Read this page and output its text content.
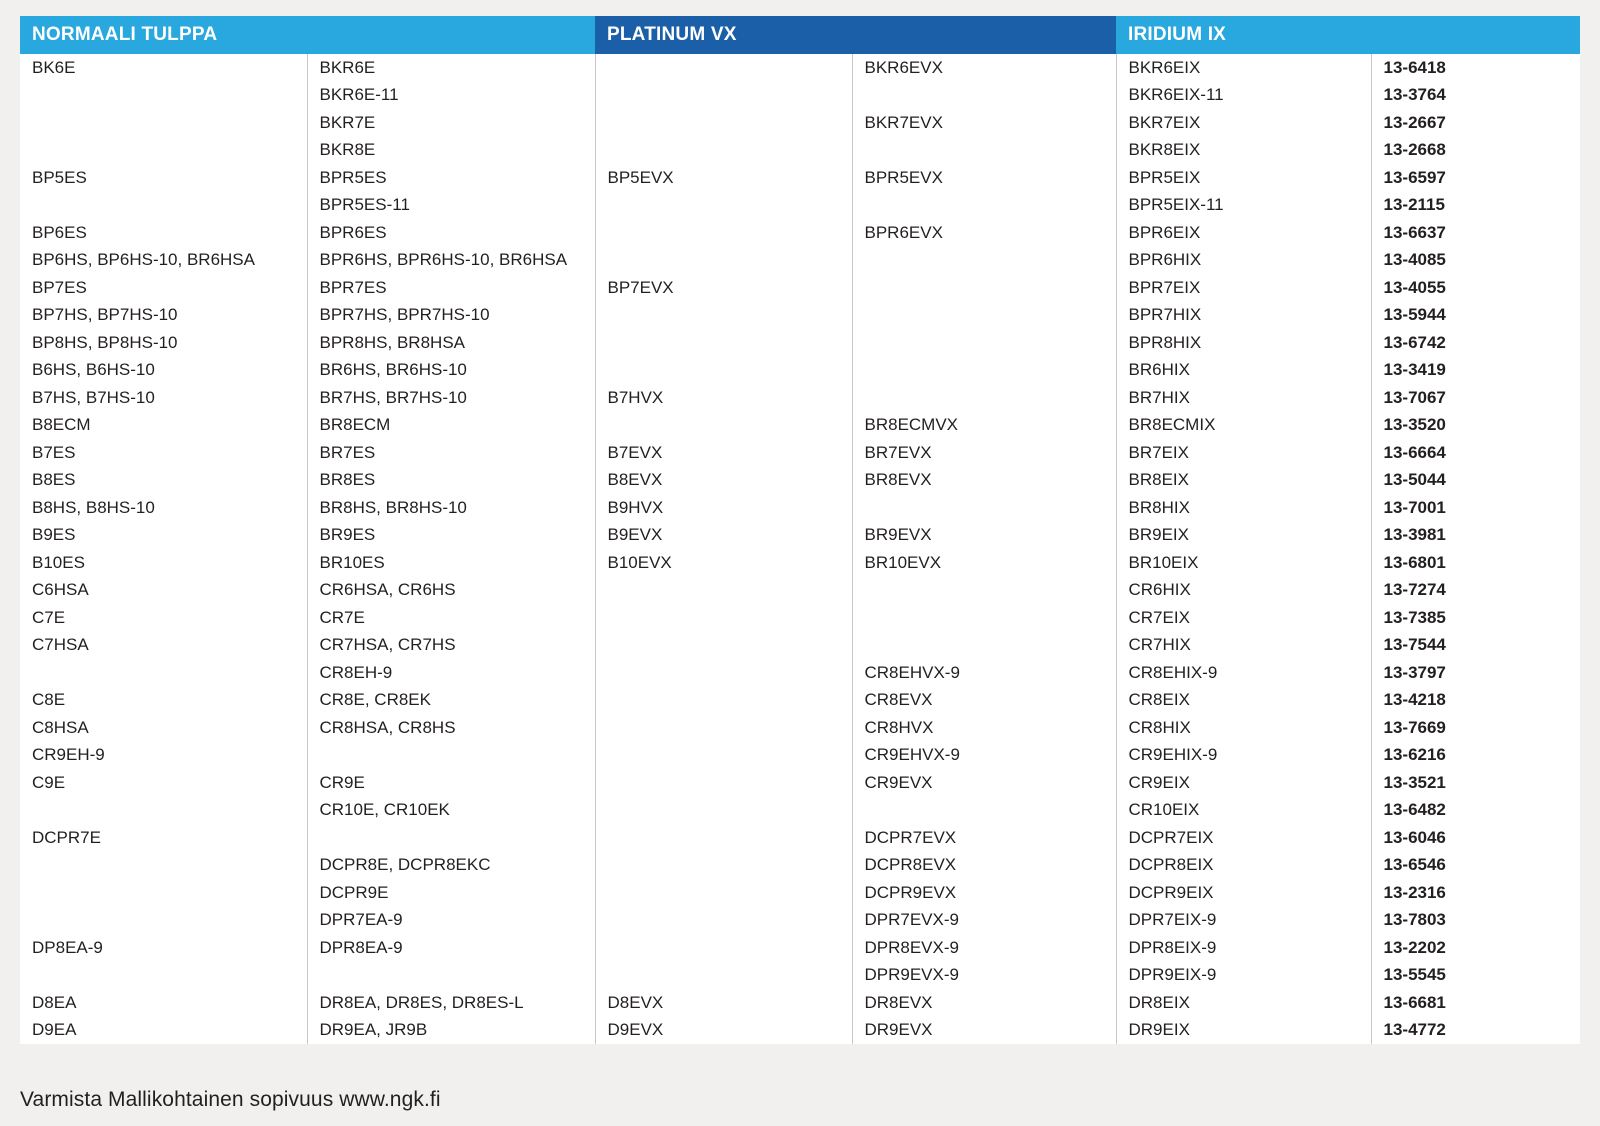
NORMAALI TULPPA		PLATINUM VX		IRIDIUM IX	
BK6E	BKR6E		BKR6EVX	BKR6EIX	13-6418
	BKR6E-11			BKR6EIX-11	13-3764
	BKR7E		BKR7EVX	BKR7EIX	13-2667
	BKR8E			BKR8EIX	13-2668
BP5ES	BPR5ES	BP5EVX	BPR5EVX	BPR5EIX	13-6597
	BPR5ES-11			BPR5EIX-11	13-2115
BP6ES	BPR6ES		BPR6EVX	BPR6EIX	13-6637
BP6HS, BP6HS-10, BR6HSA	BPR6HS, BPR6HS-10, BR6HSA			BPR6HIX	13-4085
BP7ES	BPR7ES	BP7EVX		BPR7EIX	13-4055
BP7HS, BP7HS-10	BPR7HS, BPR7HS-10			BPR7HIX	13-5944
BP8HS, BP8HS-10	BPR8HS, BR8HSA			BPR8HIX	13-6742
B6HS, B6HS-10	BR6HS, BR6HS-10			BR6HIX	13-3419
B7HS, B7HS-10	BR7HS, BR7HS-10	B7HVX		BR7HIX	13-7067
B8ECM	BR8ECM		BR8ECMVX	BR8ECMIX	13-3520
B7ES	BR7ES	B7EVX	BR7EVX	BR7EIX	13-6664
B8ES	BR8ES	B8EVX	BR8EVX	BR8EIX	13-5044
B8HS, B8HS-10	BR8HS, BR8HS-10	B9HVX		BR8HIX	13-7001
B9ES	BR9ES	B9EVX	BR9EVX	BR9EIX	13-3981
B10ES	BR10ES	B10EVX	BR10EVX	BR10EIX	13-6801
C6HSA	CR6HSA, CR6HS			CR6HIX	13-7274
C7E	CR7E			CR7EIX	13-7385
C7HSA	CR7HSA, CR7HS			CR7HIX	13-7544
	CR8EH-9		CR8EHVX-9	CR8EHIX-9	13-3797
C8E	CR8E, CR8EK		CR8EVX	CR8EIX	13-4218
C8HSA	CR8HSA, CR8HS		CR8HVX	CR8HIX	13-7669
CR9EH-9			CR9EHVX-9	CR9EHIX-9	13-6216
C9E	CR9E		CR9EVX	CR9EIX	13-3521
	CR10E, CR10EK			CR10EIX	13-6482
DCPR7E			DCPR7EVX	DCPR7EIX	13-6046
	DCPR8E, DCPR8EKC		DCPR8EVX	DCPR8EIX	13-6546
	DCPR9E		DCPR9EVX	DCPR9EIX	13-2316
	DPR7EA-9		DPR7EVX-9	DPR7EIX-9	13-7803
DP8EA-9	DPR8EA-9		DPR8EVX-9	DPR8EIX-9	13-2202
			DPR9EVX-9	DPR9EIX-9	13-5545
D8EA	DR8EA, DR8ES, DR8ES-L	D8EVX	DR8EVX	DR8EIX	13-6681
D9EA	DR9EA, JR9B	D9EVX	DR9EVX	DR9EIX	13-4772
Varmista Mallikohtainen sopivuus www.ngk.fi
